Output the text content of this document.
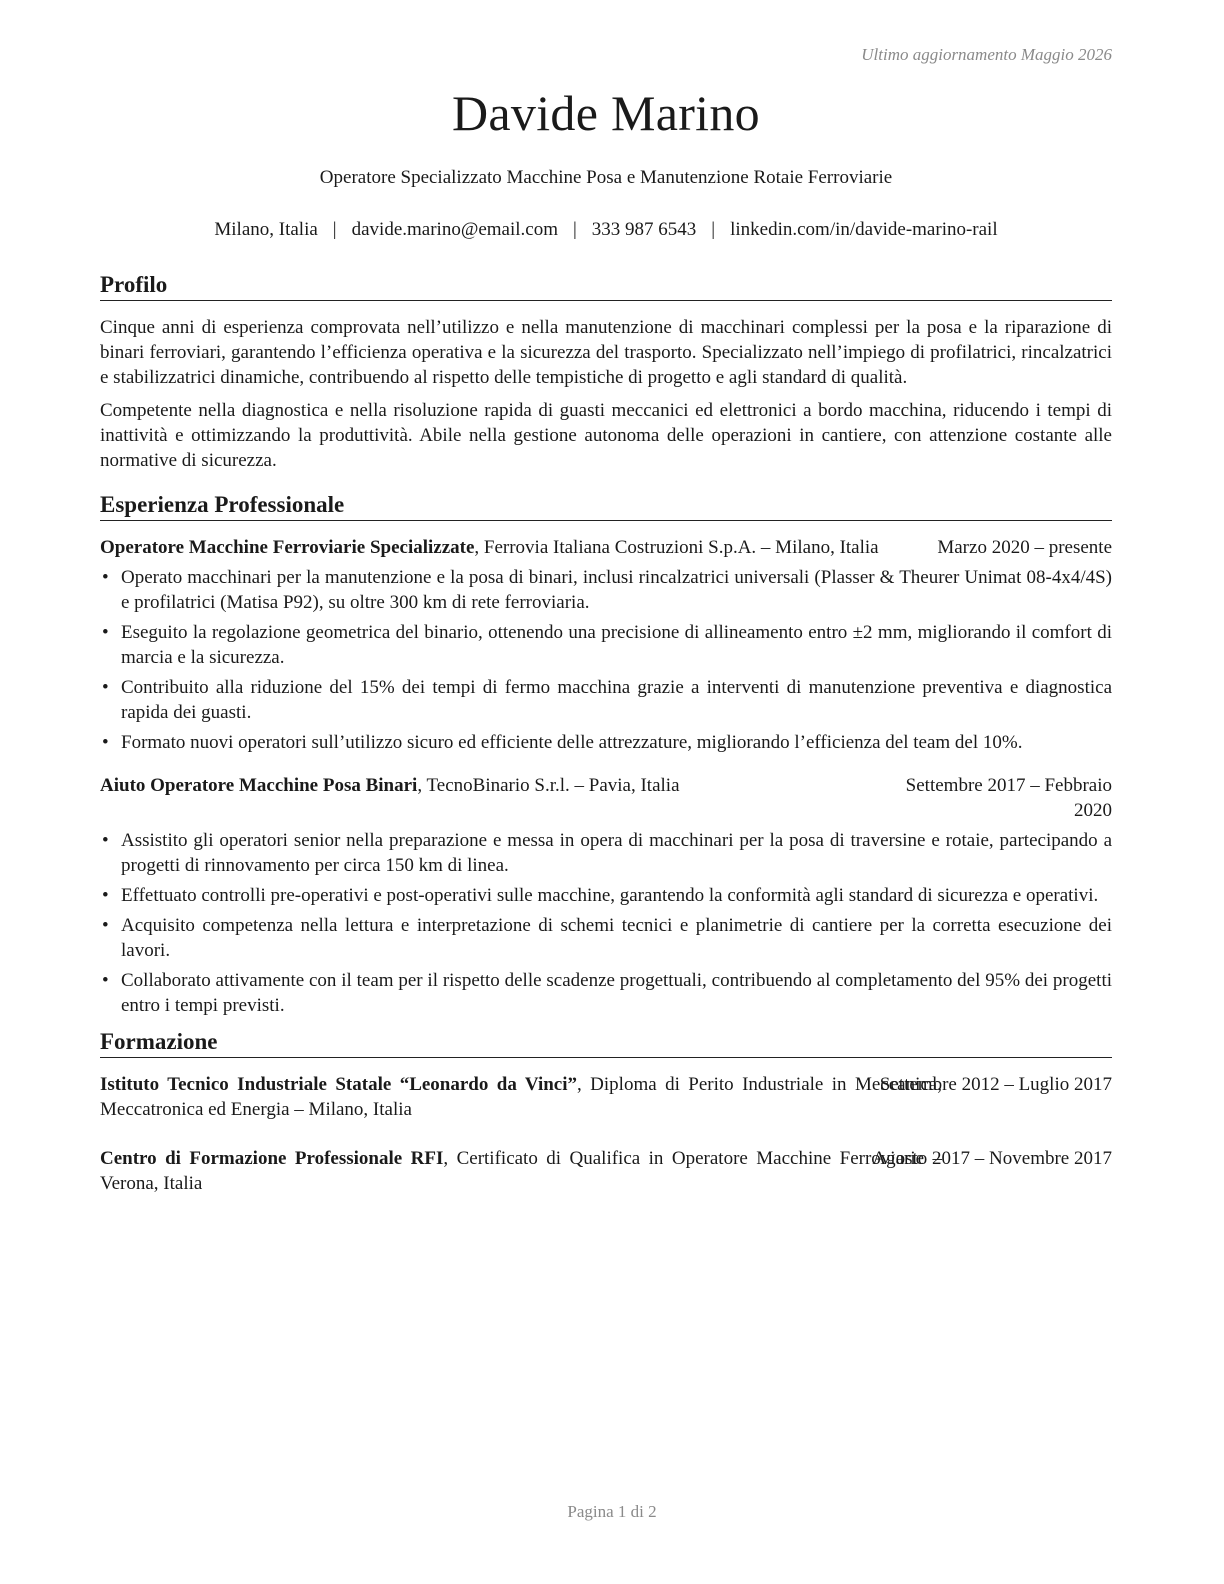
Ultimo aggiornamento Maggio 2026
Davide Marino
Operatore Specializzato Macchine Posa e Manutenzione Rotaie Ferroviarie
Milano, Italia | davide.marino@email.com | 333 987 6543 | linkedin.com/in/davide-marino-rail
Profilo

Cinque anni di esperienza comprovata nell’utilizzo e nella manutenzione di macchinari complessi per la posa e la riparazione di binari ferroviari, garantendo l’efficienza operativa e la sicurezza del trasporto. Specializzato nell’impiego di profilatrici, rincalzatrici e stabilizzatrici dinamiche, contribuendo al rispetto delle tempistiche di progetto e agli standard di qualità.

Competente nella diagnostica e nella risoluzione rapida di guasti meccanici ed elettronici a bordo macchina, riducendo i tempi di inattività e ottimizzando la produttività. Abile nella gestione autonoma delle operazioni in cantiere, con attenzione costante alle normative di sicurezza.

Esperienza Professionale
Operatore Macchine Ferroviarie Specializzate, Ferrovia Italiana Costruzioni S.p.A. – Milano, Italia	Marzo 2020 – presente
• Operato macchinari per la manutenzione e la posa di binari, inclusi rincalzatrici universali (Plasser & Theurer Unimat 08-4x4/4S) e profilatrici (Matisa P92), su oltre 300 km di rete ferroviaria.
• Eseguito la regolazione geometrica del binario, ottenendo una precisione di allineamento entro ±2 mm, migliorando il comfort di marcia e la sicurezza.
• Contribuito alla riduzione del 15% dei tempi di fermo macchina grazie a interventi di manutenzione preventiva e diagnostica rapida dei guasti.
• Formato nuovi operatori sull’utilizzo sicuro ed efficiente delle attrezzature, migliorando l’efficienza del team del 10%.
Aiuto Operatore Macchine Posa Binari, TecnoBinario S.r.l. – Pavia, Italia	Settembre 2017 – Febbraio 2020
• Assistito gli operatori senior nella preparazione e messa in opera di macchinari per la posa di traversine e rotaie, partecipando a progetti di rinnovamento per circa 150 km di linea.
• Effettuato controlli pre-operativi e post-operativi sulle macchine, garantendo la conformità agli standard di sicurezza e operativi.
• Acquisito competenza nella lettura e interpretazione di schemi tecnici e planimetrie di cantiere per la corretta esecuzione dei lavori.
• Collaborato attivamente con il team per il rispetto delle scadenze progettuali, contribuendo al completamento del 95% dei progetti entro i tempi previsti.
Formazione
Istituto Tecnico Industriale Statale “Leonardo da Vinci”, Diploma di Perito Industriale in Meccanica, Meccatronica ed Energia – Milano, Italia
Settembre 2012 – Luglio 2017
Centro di Formazione Professionale RFI, Certificato di Qualifica in Operatore Macchine Ferroviarie – Verona, Italia
Agosto 2017 – Novembre 2017
Pagina 1 di 2
